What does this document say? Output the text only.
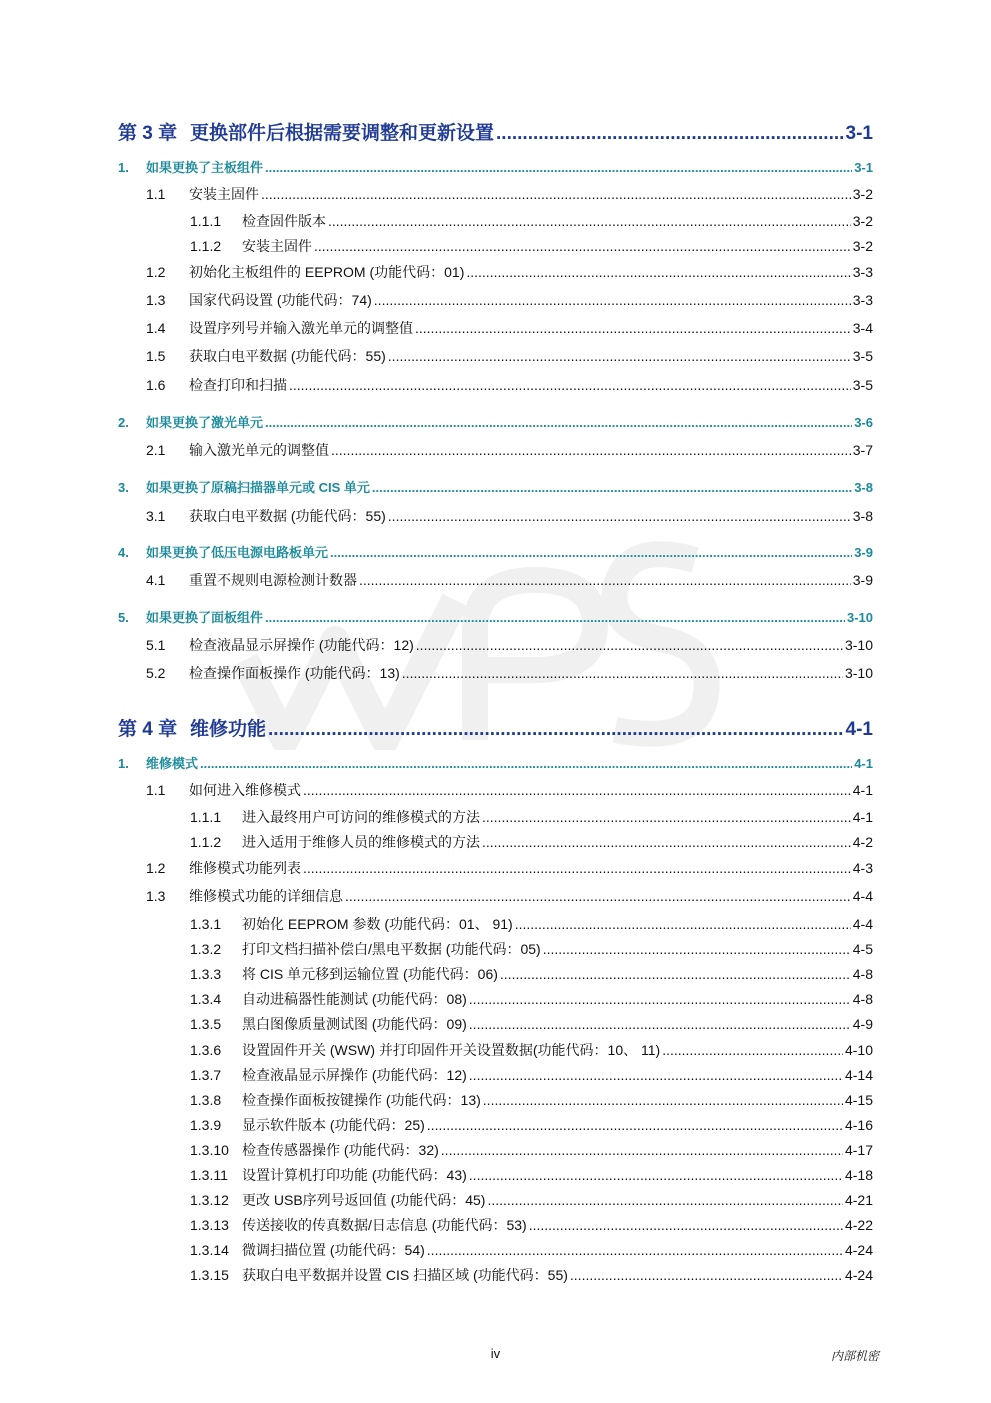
第 3 章 更换部件后根据需要调整和更新设置 .....	3-1
1.	如果更换了主板组件 .....	3-1
1.1	安装主固件 .....	3-2
1.1.1	检查固件版本 .....	3-2
1.1.2	安装主固件 .....	3-2
1.2	初始化主板组件的 EEPROM (功能代码：01) .....	3-3
1.3	国家代码设置 (功能代码：74) .....	3-3
1.4	设置序列号并输入激光单元的调整值 .....	3-4
1.5	获取白电平数据 (功能代码：55) .....	3-5
1.6	检查打印和扫描 .....	3-5
2.	如果更换了激光单元 .....	3-6
2.1	输入激光单元的调整值 .....	3-7
3.	如果更换了原稿扫描器单元或 CIS 单元 .....	3-8
3.1	获取白电平数据 (功能代码：55) .....	3-8
4.	如果更换了低压电源电路板单元 .....	3-9
4.1	重置不规则电源检测计数器 .....	3-9
5.	如果更换了面板组件 .....	3-10
5.1	检查液晶显示屏操作 (功能代码：12) .....	3-10
5.2	检查操作面板操作 (功能代码：13) .....	3-10
第 4 章 维修功能 .....	4-1
1.	维修模式 .....	4-1
1.1	如何进入维修模式 .....	4-1
1.1.1	进入最终用户可访问的维修模式的方法 .....	4-1
1.1.2	进入适用于维修人员的维修模式的方法 .....	4-2
1.2	维修模式功能列表 .....	4-3
1.3	维修模式功能的详细信息 .....	4-4
1.3.1	初始化 EEPROM 参数 (功能代码：01、 91) .....	4-4
1.3.2	打印文档扫描补偿白/黑电平数据 (功能代码：05) .....	4-5
1.3.3	将 CIS 单元移到运输位置 (功能代码：06) .....	4-8
1.3.4	自动进稿器性能测试 (功能代码：08) .....	4-8
1.3.5	黑白图像质量测试图 (功能代码：09) .....	4-9
1.3.6	设置固件开关 (WSW) 并打印固件开关设置数据(功能代码：10、 11) .....	4-10
1.3.7	检查液晶显示屏操作 (功能代码：12) .....	4-14
1.3.8	检查操作面板按键操作 (功能代码：13) .....	4-15
1.3.9	显示软件版本 (功能代码：25) .....	4-16
1.3.10 检查传感器操作 (功能代码：32) .....	4-17
1.3.11	设置计算机打印功能 (功能代码：43) .....	4-18
1.3.12 更改 USB序列号返回值 (功能代码：45) .....	4-21
1.3.13 传送接收的传真数据/日志信息 (功能代码：53) .....	4-22
1.3.14 微调扫描位置 (功能代码：54) .....	4-24
1.3.15 获取白电平数据并设置 CIS 扫描区域 (功能代码：55) .....	4-24
iv	内部机密
